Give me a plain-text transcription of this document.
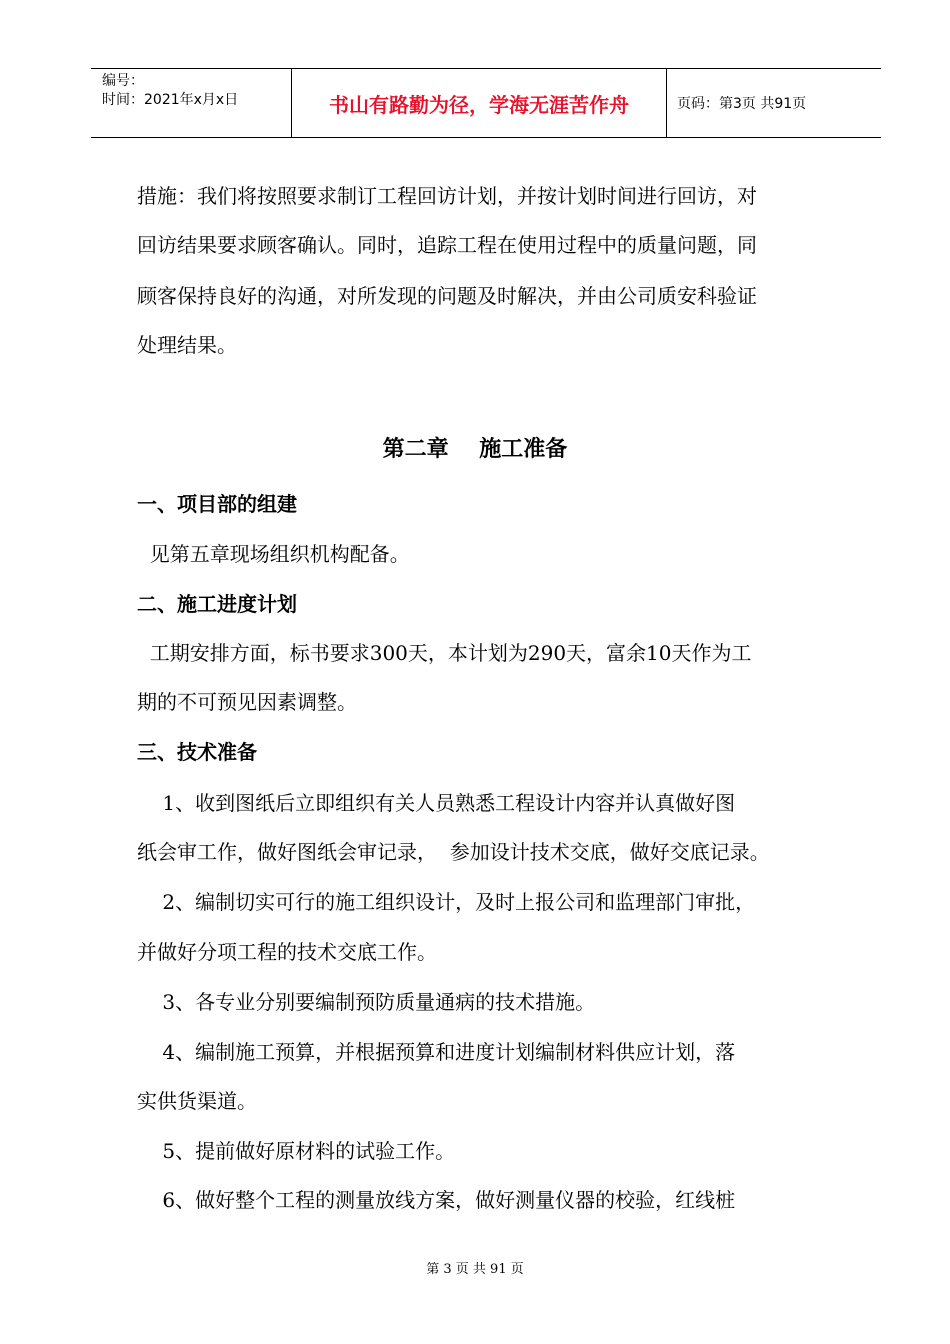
编号：
时间：2021年x月x日	书山有路勤为径，学海无涯苦作舟	页码：第3页 共91页
措施：我们将按照要求制订工程回访计划，并按计划时间进行回访，对
回访结果要求顾客确认。同时，追踪工程在使用过程中的质量问题，同
顾客保持良好的沟通，对所发现的问题及时解决，并由公司质安科验证
处理结果。
第二章    施工准备
一、项目部的组建
见第五章现场组织机构配备。
二、施工进度计划
工期安排方面，标书要求300天，本计划为290天，富余10天作为工
期的不可预见因素调整。
三、技术准备
1、收到图纸后立即组织有关人员熟悉工程设计内容并认真做好图
纸会审工作，做好图纸会审记录，  参加设计技术交底，做好交底记录。
2、编制切实可行的施工组织设计，及时上报公司和监理部门审批，
并做好分项工程的技术交底工作。
3、各专业分别要编制预防质量通病的技术措施。
4、编制施工预算，并根据预算和进度计划编制材料供应计划，落
实供货渠道。
5、提前做好原材料的试验工作。
6、做好整个工程的测量放线方案，做好测量仪器的校验，红线桩
第 3 页 共 91 页
